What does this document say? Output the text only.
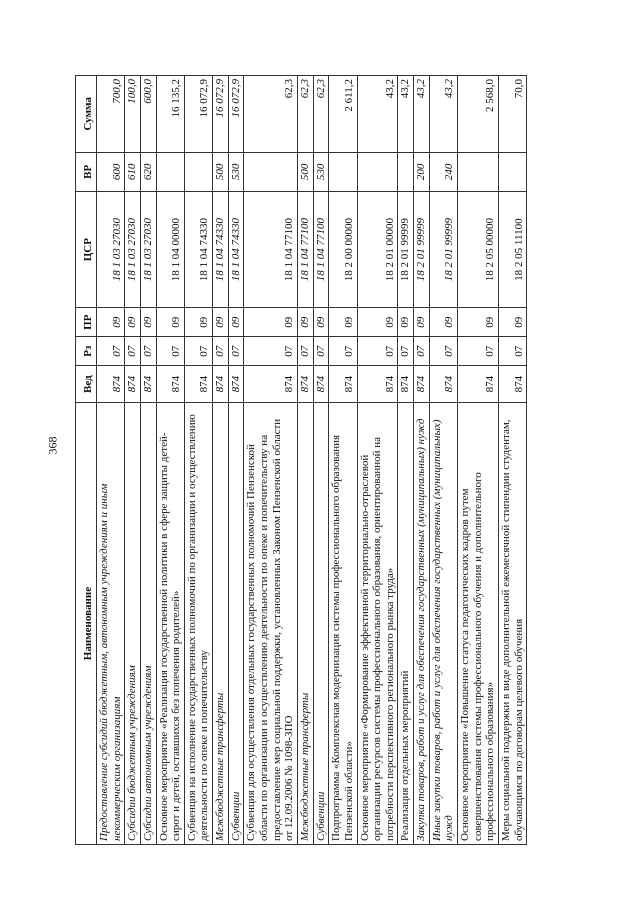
368
Наименование	Вед	Рз	ПР	ЦСР	ВР	Сумма
Предоставление субсидий бюджетным, автономным учреждениям и иным некоммерческим организациям	874	07	09	18 1 03 27030	600	700,0
Субсидии бюджетным учреждениям	874	07	09	18 1 03 27030	610	100,0
Субсидии автономным учреждениям	874	07	09	18 1 03 27030	620	600,0
Основное мероприятие «Реализация государственной политики в сфере защиты детей-сирот и детей, оставшихся без попечения родителей»	874	07	09	18 1 04 00000		16 135,2
Субвенция на исполнение государственных полномочий по организации и осуществлению деятельности по опеке и попечительству	874	07	09	18 1 04 74330		16 072,9
Межбюджетные трансферты	874	07	09	18 1 04 74330	500	16 072,9
Субвенции	874	07	09	18 1 04 74330	530	16 072,9
Субвенция для осуществления отдельных государственных полномочий Пензенской области по организации и осуществлению деятельности по опеке и попечительству на предоставление мер социальной поддержки, установленных Законом Пензенской области от 12.09.2006 № 1098-ЗПО	874	07	09	18 1 04 77100		62,3
Межбюджетные трансферты	874	07	09	18 1 04 77100	500	62,3
Субвенции	874	07	09	18 1 04 77100	530	62,3
Подпрограмма «Комплексная модернизация системы профессионального образования Пензенской области»	874	07	09	18 2 00 00000		2 611,2
Основное мероприятие «Формирование эффективной территориально-отраслевой организации ресурсов системы профессионального образования, ориентированной на потребности перспективного регионального рынка труда»	874	07	09	18 2 01 00000		43,2
Реализация отдельных мероприятий	874	07	09	18 2 01 99999		43,2
Закупка товаров, работ и услуг для обеспечения государственных (муниципальных) нужд	874	07	09	18 2 01 99999	200	43,2
Иные закупки товаров, работ и услуг для обеспечения государственных (муниципальных) нужд	874	07	09	18 2 01 99999	240	43,2
Основное мероприятие «Повышение статуса педагогических кадров путем совершенствования системы профессионального обучения и дополнительного профессионального образования»	874	07	09	18 2 05 00000		2 568,0
Меры социальной поддержки в виде дополнительной ежемесячной стипендии студентам, обучающимся по договорам целевого обучения	874	07	09	18 2 05 11100		70,0
